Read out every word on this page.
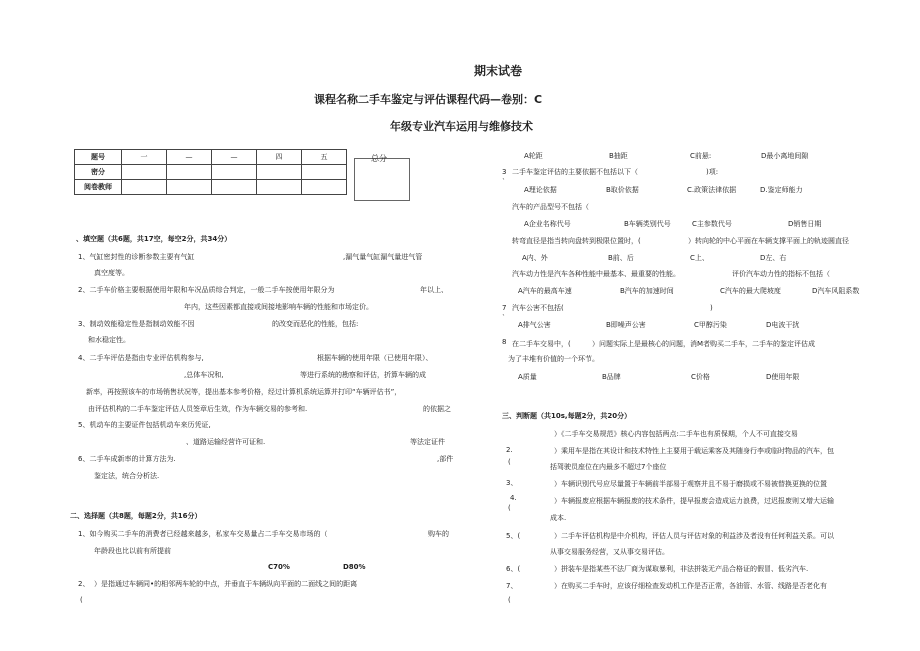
期末试卷
课程名称二手车鉴定与评估课程代码—卷别：C
年级专业汽车运用与维修技术
题号	一	—	—	四	五
密分					
阅卷教师					
总分
、填空题（共6题，共17空，每空2分，共34分）
1、气缸密封性的诊断参数主要有气缸	,漏气量气缸漏气量进气管
真空度等。
2、二手车价格主要根据使用年限和车况品质综合判定，一般二手车按使用年限分为	年以上、
年内，这些因素都直接或间接地影响车辆的性能和市场定价。
3、制动效能稳定性是指制动效能不因	的改变而恶化的性能，包括:
和水稳定性。
4、二手车评估是指由专业评估机构参与,	根据车辆的使用年限（已使用年限）、
,总体车况和,	等进行系统的勘察和评估，折算车辆的成
新率，再按照该车的市场销售状况等，提出基本参考价格，经过计算机系统运算并打印“车辆评估书”，
由评估机构的二手车鉴定评估人员签章后生效，作为车辆交易的参考和.	的依据之
5、机动车的主要证件包括机动车来历凭证,
、道路运输经营许可证和.	等法定证件
6、二手车成新率的计算方法为.	,部件
鉴定法，统合分析法.
二、选择题（共8题，每题2分，共16分）
1、如今购买二手车的消费者已经越来越多，私家车交易量占二手车交易市场的（	购车的
年龄段也比以前有所提前
C70%	D80%
2、 ）是指通过车辆同•的相邻两车轮的中点，并垂直于车辆纵向平面的二面线之间的距离
(
A轮距	B抽距	C前悬:	D最小离地间隙
3 二手车鉴定评估的主要依据不包括以下（	)项:
`
A理论依据	B取价依据	C.政策法律依据	D.鉴定师能力
汽车的产品型号不包括（
A企业名称代号	B车辆类别代号	C主参数代号	D销售日期
转弯直径是指当转向盘转到极限位置时，(	）转向轮的中心平面在车辆支撑平面上的轨迹圆直径
A内、外	B前、后	C上、	D左、右
汽车动力性是汽车各种性能中最基本、最重要的性能。	评价汽车动力性的指标不包括（
A汽车的最高车速	B汽车的加速时间	C汽车的最大爬坡度	D汽车风阻系数
7 汽车公害不包括(	)
`
A排气公害	B即噪声公害	C甲醇污染	D电波干扰
8 在二手车交易中，(	）问题实际上是最核心的问题，消M者购买二手车，二手车的鉴定评估成
为了丰堆有价值的一个环节。
A质量	B品牌	C价格	D使用年限
三、判断题（共10s,每题2分，共20分）
）《二手车交易规范》核心内容包括两点:二手车也有质保期，个人不可直接交易
2.	）乘用车是指在其设计和技术特性上主要用于载运乘客及其随身行李或临时物品的汽车，包
(
括驾驶员座位在内最多不超过7个座位
3、	）车辆识别代号应尽量置于车辆前半部易于观察并且不易于磨损或不易被替换更换的位置
4.	）车辆报废应根据车辆报废的技术条件，提早报废会造成运力浪费，过迟报废则又增大运输
(
成本.
5、(	）二手车评估机构是中介机构，评估人员与评估对象的利益涉及者没有任何利益关系。可以
从事交易服务经营，又从事交易评估。
6、(	）拼装车是指某些不法厂商为谋取暴利，非法拼装无产品合格证的假冒、低劣汽车.
7、	）在购买二手车时，应该仔细检查发动机工作是否正常，各油管、水管、线路是否老化有
(
